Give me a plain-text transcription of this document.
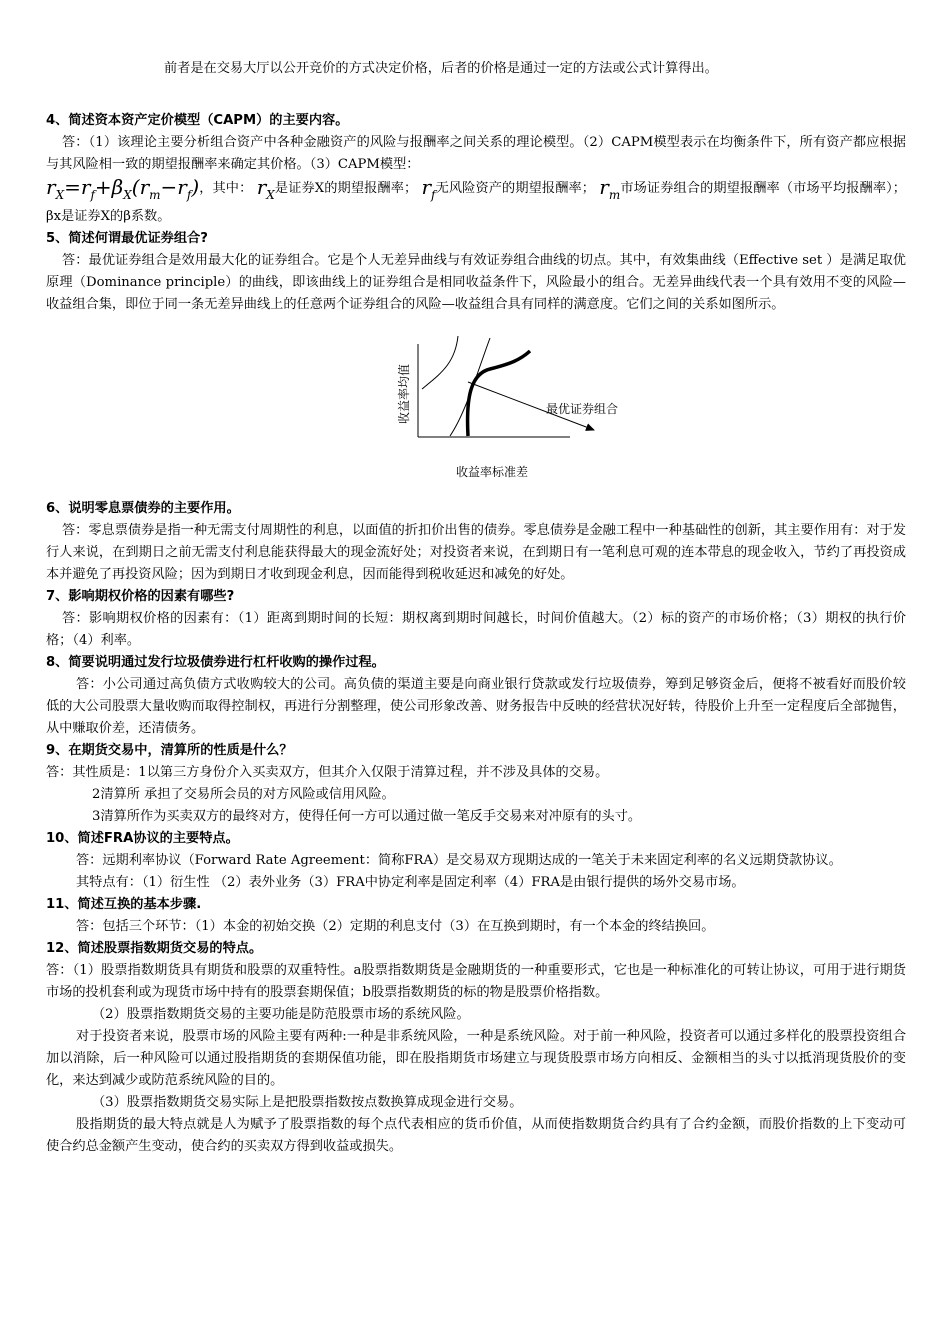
前者是在交易大厅以公开竞价的方式决定价格，后者的价格是通过一定的方法或公式计算得出。

4、简述资本资产定价模型（CAPM）的主要内容。

答：（1）该理论主要分析组合资产中各种金融资产的风险与报酬率之间关系的理论模型。（2）CAPM模型表示在均衡条件下，所有资产都应根据与其风险相一致的期望报酬率来确定其价格。（3）CAPM模型：
$r_X=r_f+\beta_X(r_m-r_f)$，其中： $r_X$是证券X的期望报酬率； $r_f$无风险资产的期望报酬率； $r_m$市场证券组合的期望报酬率（市场平均报酬率）；βx是证券X的β系数。

5、简述何谓最优证券组合?

答：最优证券组合是效用最大化的证券组合。它是个人无差异曲线与有效证券组合曲线的切点。其中，有效集曲线（Effective set ）是满足取优原理（Dominance principle）的曲线，即该曲线上的证券组合是相同收益条件下，风险最小的组合。无差异曲线代表一个具有效用不变的风险—收益组合集，即位于同一条无差异曲线上的任意两个证券组合的风险—收益组合具有同样的满意度。它们之间的关系如图所示。

最优证券组合
收益率均值
收益率标准差

6、说明零息票债券的主要作用。

答：零息票债券是指一种无需支付周期性的利息，以面值的折扣价出售的债券。零息债券是金融工程中一种基础性的创新，其主要作用有：对于发行人来说，在到期日之前无需支付利息能获得最大的现金流好处；对投资者来说，在到期日有一笔利息可观的连本带息的现金收入，节约了再投资成本并避免了再投资风险；因为到期日才收到现金利息，因而能得到税收延迟和减免的好处。

7、影响期权价格的因素有哪些?

答：影响期权价格的因素有：（1）距离到期时间的长短：期权离到期时间越长，时间价值越大。（2）标的资产的市场价格；（3）期权的执行价格；（4）利率。

8、简要说明通过发行垃圾债券进行杠杆收购的操作过程。

答：小公司通过高负债方式收购较大的公司。高负债的渠道主要是向商业银行贷款或发行垃圾债券，筹到足够资金后，便将不被看好而股价较低的大公司股票大量收购而取得控制权，再进行分割整理，使公司形象改善、财务报告中反映的经营状况好转，待股价上升至一定程度后全部抛售，从中赚取价差，还清债务。

9、在期货交易中，清算所的性质是什么？

答：其性质是：1以第三方身份介入买卖双方，但其介入仅限于清算过程，并不涉及具体的交易。

2清算所 承担了交易所会员的对方风险或信用风险。

3清算所作为买卖双方的最终对方，使得任何一方可以通过做一笔反手交易来对冲原有的头寸。

10、简述FRA协议的主要特点。

答：远期利率协议（Forward Rate Agreement：简称FRA）是交易双方现期达成的一笔关于未来固定利率的名义远期贷款协议。

其特点有：（1）衍生性 （2）表外业务（3）FRA中协定利率是固定利率（4）FRA是由银行提供的场外交易市场。

11、简述互换的基本步骤.

答：包括三个环节：（1）本金的初始交换（2）定期的利息支付（3）在互换到期时，有一个本金的终结换回。

12、简述股票指数期货交易的特点。

答：（1）股票指数期货具有期货和股票的双重特性。a股票指数期货是金融期货的一种重要形式，它也是一种标准化的可转让协议，可用于进行期货市场的投机套利或为现货市场中持有的股票套期保值；b股票指数期货的标的物是股票价格指数。

（2）股票指数期货交易的主要功能是防范股票市场的系统风险。

对于投资者来说，股票市场的风险主要有两种:一种是非系统风险，一种是系统风险。对于前一种风险，投资者可以通过多样化的股票投资组合加以消除，后一种风险可以通过股指期货的套期保值功能，即在股指期货市场建立与现货股票市场方向相反、金额相当的头寸以抵消现货股价的变化，来达到减少或防范系统风险的目的。

（3）股票指数期货交易实际上是把股票指数按点数换算成现金进行交易。

股指期货的最大特点就是人为赋予了股票指数的每个点代表相应的货币价值，从而使指数期货合约具有了合约金额，而股价指数的上下变动可使合约总金额产生变动，使合约的买卖双方得到收益或损失。
